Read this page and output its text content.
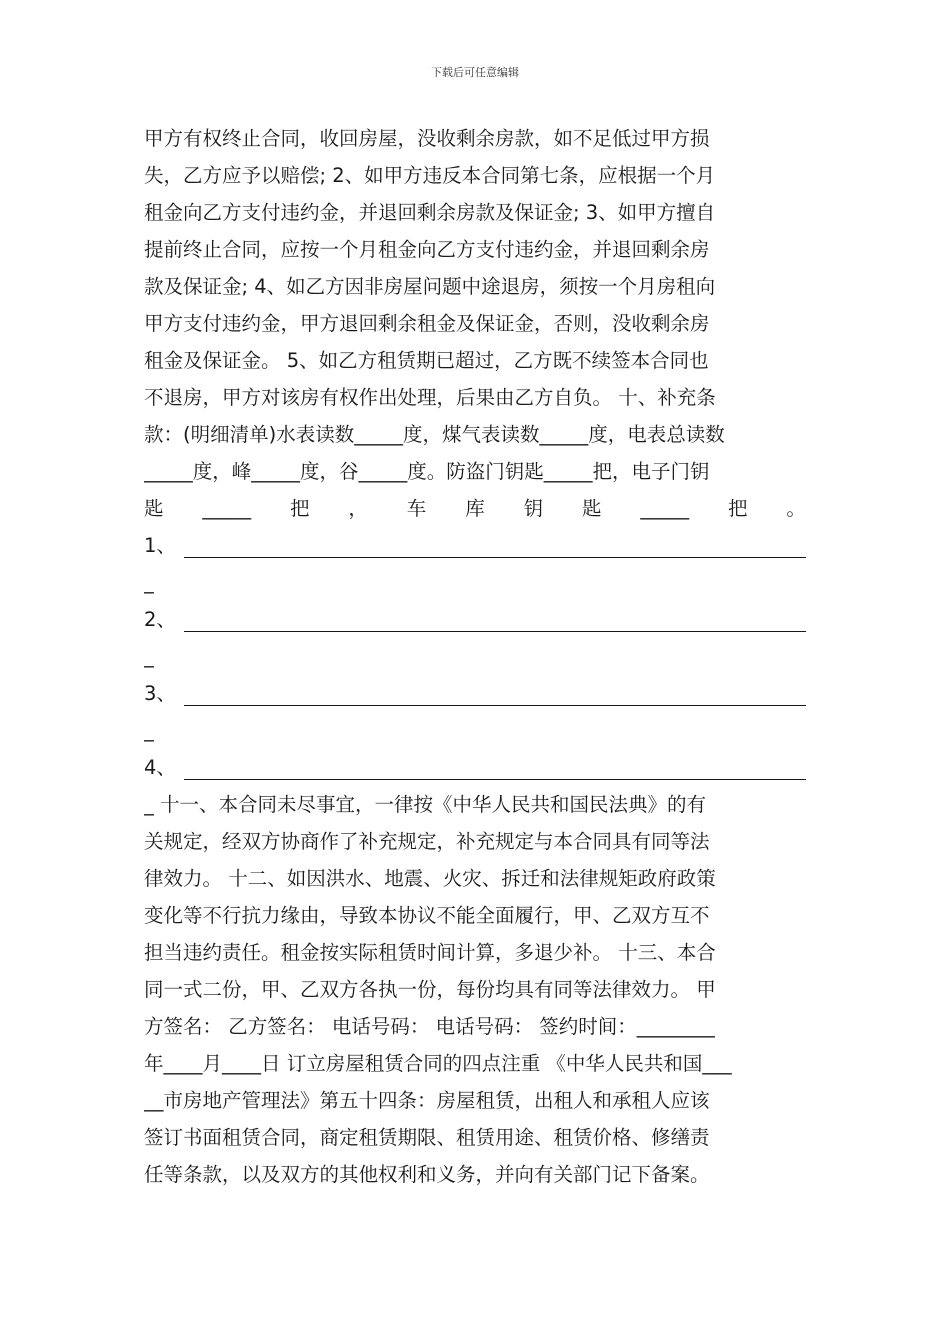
下载后可任意编辑
甲方有权终止合同，收回房屋，没收剩余房款，如不足低过甲方损
失，乙方应予以赔偿; 2、如甲方违反本合同第七条，应根据一个月
租金向乙方支付违约金，并退回剩余房款及保证金; 3、如甲方擅自
提前终止合同，应按一个月租金向乙方支付违约金，并退回剩余房
款及保证金; 4、如乙方因非房屋问题中途退房，须按一个月房租向
甲方支付违约金，甲方退回剩余租金及保证金，否则，没收剩余房
租金及保证金。 5、如乙方租赁期已超过，乙方既不续签本合同也
不退房，甲方对该房有权作出处理，后果由乙方自负。 十、补充条
款：(明细清单)水表读数_____度，煤气表读数_____度，电表总读数
_____度，峰_____度，谷_____度。防盗门钥匙_____把，电子门钥
匙 _____ 把 ， 车 库 钥 匙 _____ 把 。
1、
_
2、
_
3、
_
4、
_ 十一、本合同未尽事宜，一律按《中华人民共和国民法典》的有
关规定，经双方协商作了补充规定，补充规定与本合同具有同等法
律效力。 十二、如因洪水、地震、火灾、拆迁和法律规矩政府政策
变化等不行抗力缘由，导致本协议不能全面履行，甲、乙双方互不
担当违约责任。租金按实际租赁时间计算，多退少补。 十三、本合
同一式二份，甲、乙双方各执一份，每份均具有同等法律效力。 甲
方签名： 乙方签名： 电话号码： 电话号码： 签约时间：________
年____月____日 订立房屋租赁合同的四点注重 《中华人民共和国___
__市房地产管理法》第五十四条：房屋租赁，出租人和承租人应该
签订书面租赁合同，商定租赁期限、租赁用途、租赁价格、修缮责
任等条款，以及双方的其他权利和义务，并向有关部门记下备案。
